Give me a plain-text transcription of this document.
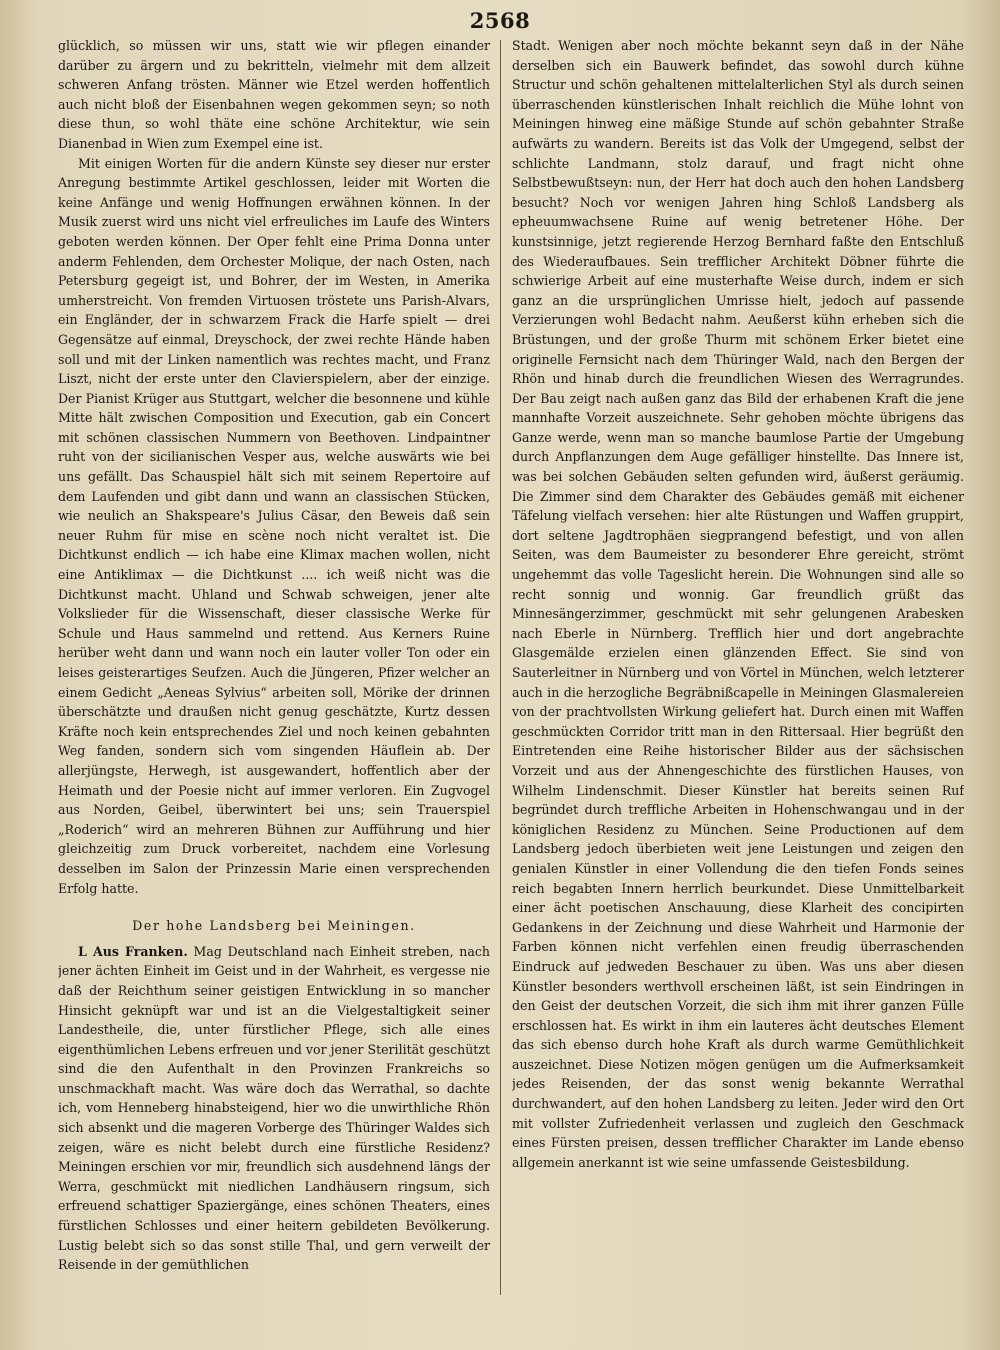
2568

glücklich, so müssen wir uns, statt wie wir pflegen einander darüber zu ärgern und zu bekritteln, vielmehr mit dem allzeit schweren Anfang trösten. Männer wie Etzel werden hoffentlich auch nicht bloß der Eisenbahnen wegen gekommen seyn; so noth diese thun, so wohl thäte eine schöne Architektur, wie sein Dianenbad in Wien zum Exempel eine ist.

Mit einigen Worten für die andern Künste sey dieser nur erster Anregung bestimmte Artikel geschlossen, leider mit Worten die keine Anfänge und wenig Hoffnungen erwähnen können. In der Musik zuerst wird uns nicht viel erfreuliches im Laufe des Winters geboten werden können. Der Oper fehlt eine Prima Donna unter anderm Fehlenden, dem Orchester Molique, der nach Osten, nach Petersburg gegeigt ist, und Bohrer, der im Westen, in Amerika umherstreicht. Von fremden Virtuosen tröstete uns Parish-Alvars, ein Engländer, der in schwarzem Frack die Harfe spielt — drei Gegensätze auf einmal, Dreyschock, der zwei rechte Hände haben soll und mit der Linken namentlich was rechtes macht, und Franz Liszt, nicht der erste unter den Clavierspielern, aber der einzige. Der Pianist Krüger aus Stuttgart, welcher die besonnene und kühle Mitte hält zwischen Composition und Execution, gab ein Concert mit schönen classischen Nummern von Beethoven. Lindpaintner ruht von der sicilianischen Vesper aus, welche auswärts wie bei uns gefällt. Das Schauspiel hält sich mit seinem Repertoire auf dem Laufenden und gibt dann und wann an classischen Stücken, wie neulich an Shakspeare's Julius Cäsar, den Beweis daß sein neuer Ruhm für mise en scène noch nicht veraltet ist. Die Dichtkunst endlich — ich habe eine Klimax machen wollen, nicht eine Antiklimax — die Dichtkunst .... ich weiß nicht was die Dichtkunst macht. Uhland und Schwab schweigen, jener alte Volkslieder für die Wissenschaft, dieser classische Werke für Schule und Haus sammelnd und rettend. Aus Kerners Ruine herüber weht dann und wann noch ein lauter voller Ton oder ein leises geisterartiges Seufzen. Auch die Jüngeren, Pfizer welcher an einem Gedicht „Aeneas Sylvius“ arbeiten soll, Mörike der drinnen überschätzte und draußen nicht genug geschätzte, Kurtz dessen Kräfte noch kein entsprechendes Ziel und noch keinen gebahnten Weg fanden, sondern sich vom singenden Häuflein ab. Der allerjüngste, Herwegh, ist ausgewandert, hoffentlich aber der Heimath und der Poesie nicht auf immer verloren. Ein Zugvogel aus Norden, Geibel, überwintert bei uns; sein Trauerspiel „Roderich“ wird an mehreren Bühnen zur Aufführung und hier gleichzeitig zum Druck vorbereitet, nachdem eine Vorlesung desselben im Salon der Prinzessin Marie einen versprechenden Erfolg hatte.

Der hohe Landsberg bei Meiningen.

L Aus Franken. Mag Deutschland nach Einheit streben, nach jener ächten Einheit im Geist und in der Wahrheit, es vergesse nie daß der Reichthum seiner geistigen Entwicklung in so mancher Hinsicht geknüpft war und ist an die Vielgestaltigkeit seiner Landestheile, die, unter fürstlicher Pflege, sich alle eines eigenthümlichen Lebens erfreuen und vor jener Sterilität geschützt sind die den Aufenthalt in den Provinzen Frankreichs so unschmackhaft macht. Was wäre doch das Werrathal, so dachte ich, vom Henneberg hinabsteigend, hier wo die unwirthliche Rhön sich absenkt und die mageren Vorberge des Thüringer Waldes sich zeigen, wäre es nicht belebt durch eine fürstliche Residenz? Meiningen erschien vor mir, freundlich sich ausdehnend längs der Werra, geschmückt mit niedlichen Landhäusern ringsum, sich erfreuend schattiger Spaziergänge, eines schönen Theaters, eines fürstlichen Schlosses und einer heitern gebildeten Bevölkerung. Lustig belebt sich so das sonst stille Thal, und gern verweilt der Reisende in der gemüthlichen

Stadt. Wenigen aber noch möchte bekannt seyn daß in der Nähe derselben sich ein Bauwerk befindet, das sowohl durch kühne Structur und schön gehaltenen mittelalterlichen Styl als durch seinen überraschenden künstlerischen Inhalt reichlich die Mühe lohnt von Meiningen hinweg eine mäßige Stunde auf schön gebahnter Straße aufwärts zu wandern. Bereits ist das Volk der Umgegend, selbst der schlichte Landmann, stolz darauf, und fragt nicht ohne Selbstbewußtseyn: nun, der Herr hat doch auch den hohen Landsberg besucht? Noch vor wenigen Jahren hing Schloß Landsberg als epheuumwachsene Ruine auf wenig betretener Höhe. Der kunstsinnige, jetzt regierende Herzog Bernhard faßte den Entschluß des Wiederaufbaues. Sein trefflicher Architekt Döbner führte die schwierige Arbeit auf eine musterhafte Weise durch, indem er sich ganz an die ursprünglichen Umrisse hielt, jedoch auf passende Verzierungen wohl Bedacht nahm. Aeußerst kühn erheben sich die Brüstungen, und der große Thurm mit schönem Erker bietet eine originelle Fernsicht nach dem Thüringer Wald, nach den Bergen der Rhön und hinab durch die freundlichen Wiesen des Werragrundes. Der Bau zeigt nach außen ganz das Bild der erhabenen Kraft die jene mannhafte Vorzeit auszeichnete. Sehr gehoben möchte übrigens das Ganze werde, wenn man so manche baumlose Partie der Umgebung durch Anpflanzungen dem Auge gefälliger hinstellte. Das Innere ist, was bei solchen Gebäuden selten gefunden wird, äußerst geräumig. Die Zimmer sind dem Charakter des Gebäudes gemäß mit eichener Täfelung vielfach versehen: hier alte Rüstungen und Waffen gruppirt, dort seltene Jagdtrophäen siegprangend befestigt, und von allen Seiten, was dem Baumeister zu besonderer Ehre gereicht, strömt ungehemmt das volle Tageslicht herein. Die Wohnungen sind alle so recht sonnig und wonnig. Gar freundlich grüßt das Minnesängerzimmer, geschmückt mit sehr gelungenen Arabesken nach Eberle in Nürnberg. Trefflich hier und dort angebrachte Glasgemälde erzielen einen glänzenden Effect. Sie sind von Sauterleitner in Nürnberg und von Vörtel in München, welch letzterer auch in die herzogliche Begräbnißcapelle in Meiningen Glasmalereien von der prachtvollsten Wirkung geliefert hat. Durch einen mit Waffen geschmückten Corridor tritt man in den Rittersaal. Hier begrüßt den Eintretenden eine Reihe historischer Bilder aus der sächsischen Vorzeit und aus der Ahnengeschichte des fürstlichen Hauses, von Wilhelm Lindenschmit. Dieser Künstler hat bereits seinen Ruf begründet durch treffliche Arbeiten in Hohenschwangau und in der königlichen Residenz zu München. Seine Productionen auf dem Landsberg jedoch überbieten weit jene Leistungen und zeigen den genialen Künstler in einer Vollendung die den tiefen Fonds seines reich begabten Innern herrlich beurkundet. Diese Unmittelbarkeit einer ächt poetischen Anschauung, diese Klarheit des concipirten Gedankens in der Zeichnung und diese Wahrheit und Harmonie der Farben können nicht verfehlen einen freudig überraschenden Eindruck auf jedweden Beschauer zu üben. Was uns aber diesen Künstler besonders werthvoll erscheinen läßt, ist sein Eindringen in den Geist der deutschen Vorzeit, die sich ihm mit ihrer ganzen Fülle erschlossen hat. Es wirkt in ihm ein lauteres ächt deutsches Element das sich ebenso durch hohe Kraft als durch warme Gemüthlichkeit auszeichnet. Diese Notizen mögen genügen um die Aufmerksamkeit jedes Reisenden, der das sonst wenig bekannte Werrathal durchwandert, auf den hohen Landsberg zu leiten. Jeder wird den Ort mit vollster Zufriedenheit verlassen und zugleich den Geschmack eines Fürsten preisen, dessen trefflicher Charakter im Lande ebenso allgemein anerkannt ist wie seine umfassende Geistesbildung.
